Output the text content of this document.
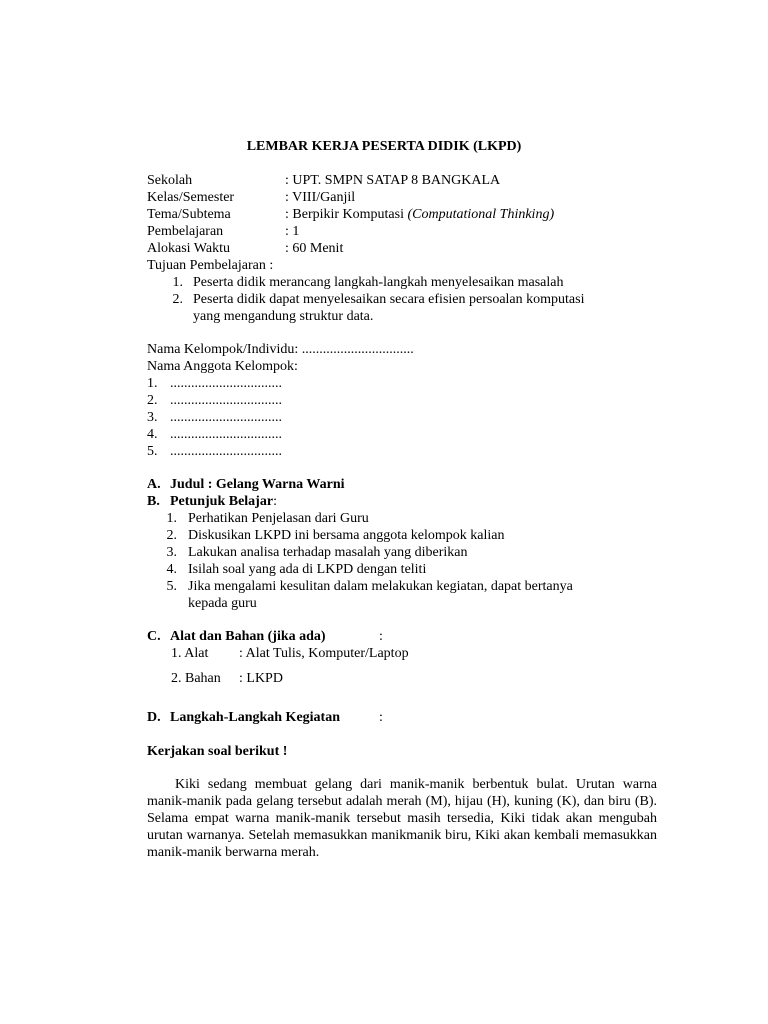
LEMBAR KERJA PESERTA DIDIK (LKPD)
Sekolah	: UPT. SMPN SATAP 8 BANGKALA
Kelas/Semester	: VIII/Ganjil
Tema/Subtema	: Berpikir Komputasi (Computational Thinking)
Pembelajaran	: 1
Alokasi Waktu	: 60 Menit
Tujuan Pembelajaran :
1. Peserta didik merancang langkah-langkah menyelesaikan masalah
2. Peserta didik dapat menyelesaikan secara efisien persoalan komputasi
yang mengandung struktur data.
Nama Kelompok/Individu: ................................
Nama Anggota Kelompok:
1. ................................
2. ................................
3. ................................
4. ................................
5. ................................
A. Judul : Gelang Warna Warni
B. Petunjuk Belajar:
1. Perhatikan Penjelasan dari Guru
2. Diskusikan LKPD ini bersama anggota kelompok kalian
3. Lakukan analisa terhadap masalah yang diberikan
4. Isilah soal yang ada di LKPD dengan teliti
5. Jika mengalami kesulitan dalam melakukan kegiatan, dapat bertanya
kepada guru
C. Alat dan Bahan (jika ada)	:
1. Alat : Alat Tulis, Komputer/Laptop
2. Bahan : LKPD
D. Langkah-Langkah Kegiatan	:
Kerjakan soal berikut !
Kiki sedang membuat gelang dari manik-manik berbentuk bulat. Urutan warna manik-manik pada gelang tersebut adalah merah (M), hijau (H), kuning (K), dan biru (B). Selama empat warna manik-manik tersebut masih tersedia, Kiki tidak akan mengubah urutan warnanya. Setelah memasukkan manikmanik biru, Kiki akan kembali memasukkan manik-manik berwarna merah.
